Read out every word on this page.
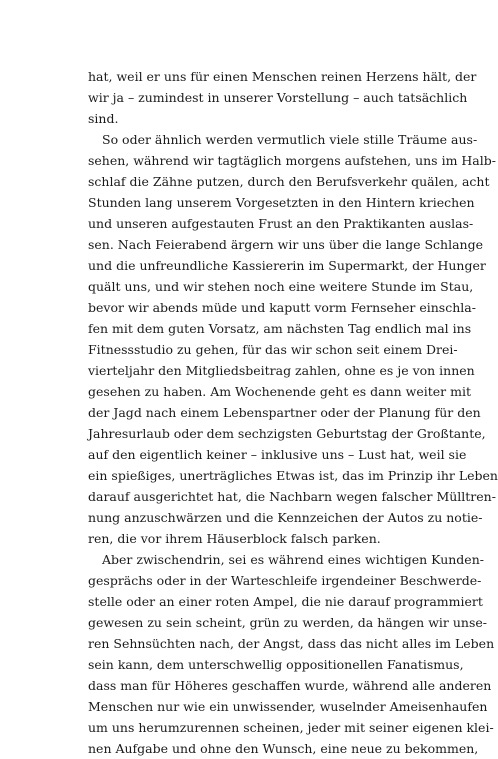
hat, weil er uns für einen Menschen reinen Herzens hält, der
wir ja – zumindest in unserer Vorstellung – auch tatsächlich
sind.
So oder ähnlich werden vermutlich viele stille Träume aus-
sehen, während wir tagtäglich morgens aufstehen, uns im Halb-
schlaf die Zähne putzen, durch den Berufsverkehr quälen, acht
Stunden lang unserem Vorgesetzten in den Hintern kriechen
und unseren aufgestauten Frust an den Praktikanten auslas-
sen. Nach Feierabend ärgern wir uns über die lange Schlange
und die unfreundliche Kassiererin im Supermarkt, der Hunger
quält uns, und wir stehen noch eine weitere Stunde im Stau,
bevor wir abends müde und kaputt vorm Fernseher einschla-
fen mit dem guten Vorsatz, am nächsten Tag endlich mal ins
Fitnessstudio zu gehen, für das wir schon seit einem Drei-
vierteljahr den Mitgliedsbeitrag zahlen, ohne es je von innen
gesehen zu haben. Am Wochenende geht es dann weiter mit
der Jagd nach einem Lebenspartner oder der Planung für den
Jahresurlaub oder dem sechzigsten Geburtstag der Großtante,
auf den eigentlich keiner – inklusive uns – Lust hat, weil sie
ein spießiges, unerträgliches Etwas ist, das im Prinzip ihr Leben
darauf ausgerichtet hat, die Nachbarn wegen falscher Mülltren-
nung anzuschwärzen und die Kennzeichen der Autos zu notie-
ren, die vor ihrem Häuserblock falsch parken.
Aber zwischendrin, sei es während eines wichtigen Kunden-
gesprächs oder in der Warteschleife irgendeiner Beschwerde-
stelle oder an einer roten Ampel, die nie darauf programmiert
gewesen zu sein scheint, grün zu werden, da hängen wir unse-
ren Sehnsüchten nach, der Angst, dass das nicht alles im Leben
sein kann, dem unterschwellig oppositionellen Fanatismus,
dass man für Höheres geschaffen wurde, während alle anderen
Menschen nur wie ein unwissender, wuselnder Ameisenhaufen
um uns herumzurennen scheinen, jeder mit seiner eigenen klei-
nen Aufgabe und ohne den Wunsch, eine neue zu bekommen,
